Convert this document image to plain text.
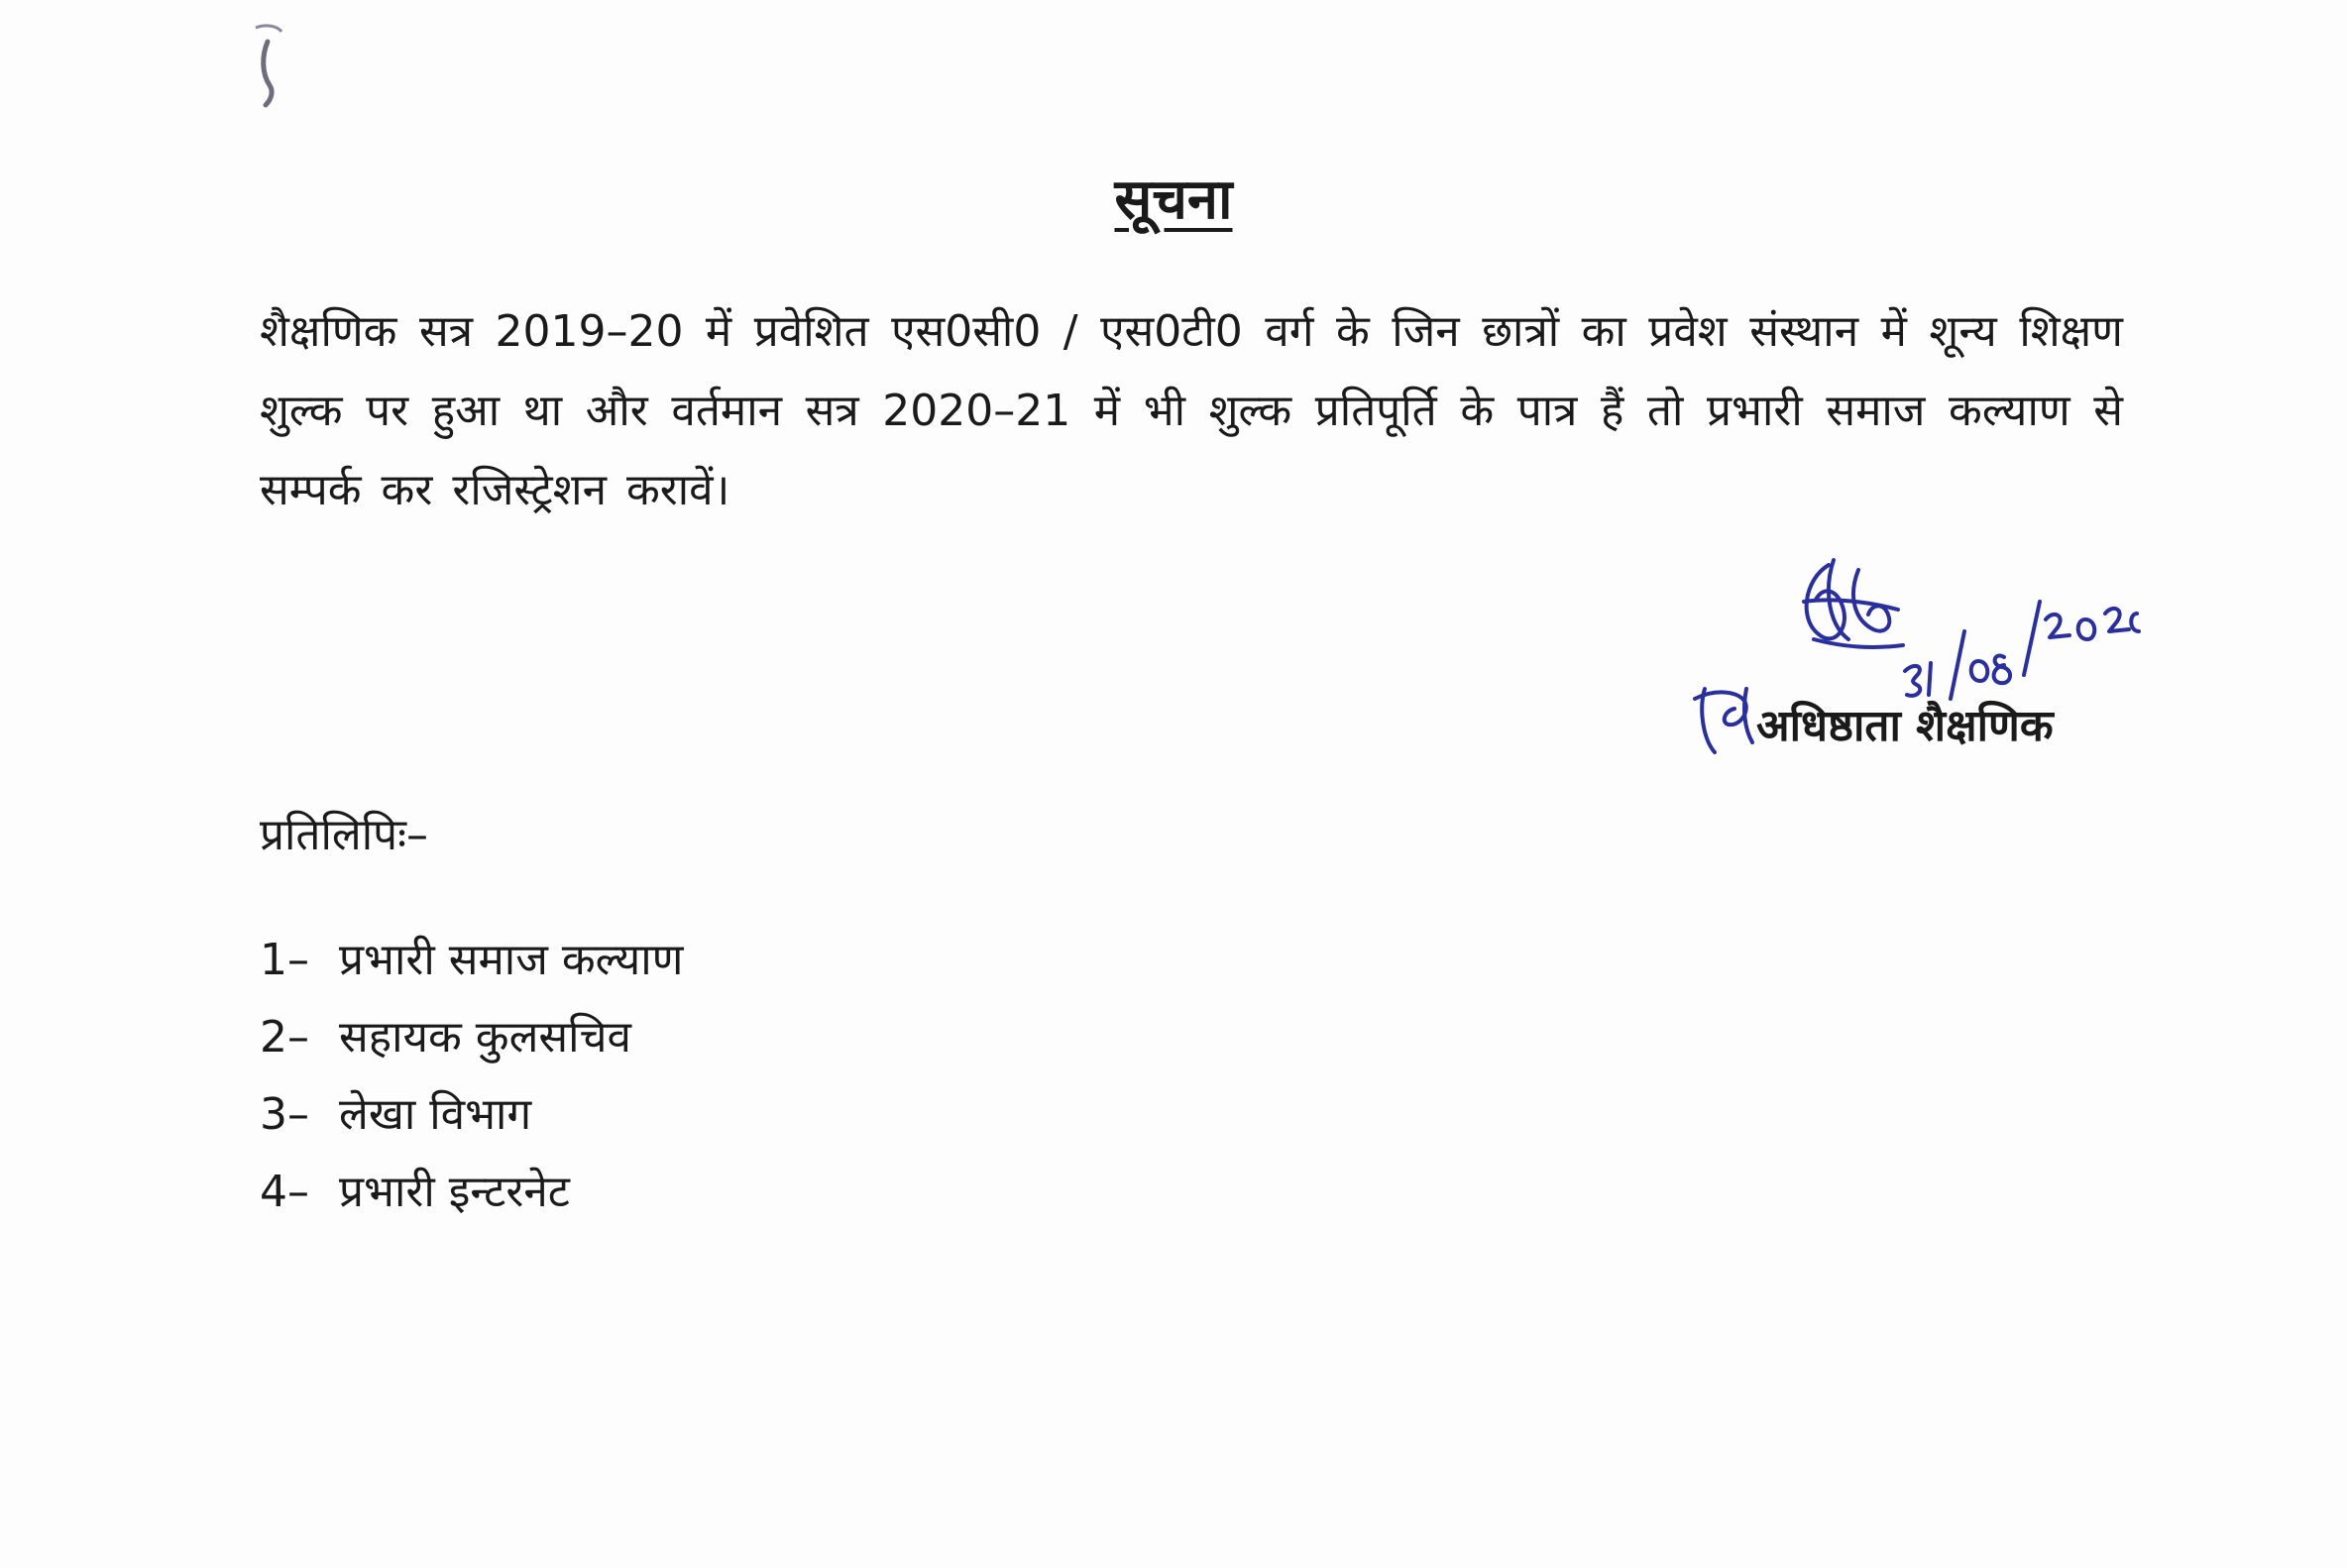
सूचना
शैक्षणिक सत्र 2019–20 में प्रवेशित एस0सी0 / एस0टी0 वर्ग के जिन छात्रों का प्रवेश संस्थान में शून्य शिक्षण शुल्क पर हुआ था और वर्तमान सत्र 2020–21 में भी शुल्क प्रतिपूर्ति के पात्र हैं तो प्रभारी समाज कल्याण से सम्पर्क कर रजिस्ट्रेशन करावें।
अधिष्ठाता शैक्षणिक
प्रतिलिपिः–
1– प्रभारी समाज कल्याण
2– सहायक कुलसचिव
3– लेखा विभाग
4– प्रभारी इन्टरनेट
